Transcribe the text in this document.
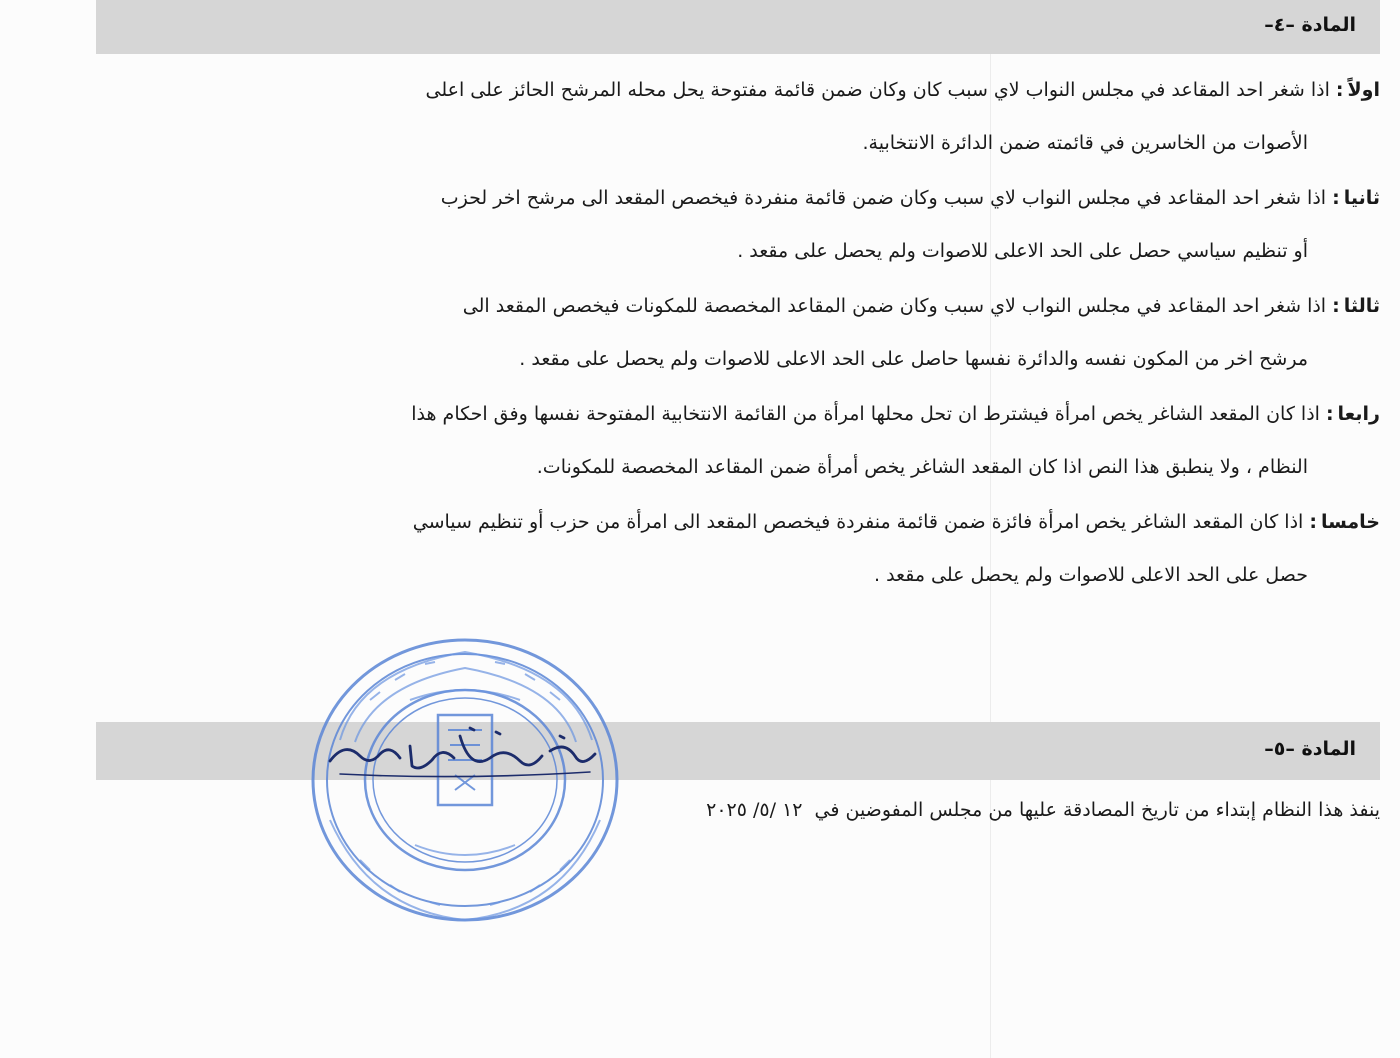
المادة –٤–
اولاً:اذا شغر احد المقاعد في مجلس النواب لاي سبب كان وكان ضمن قائمة مفتوحة يحل محله المرشح الحائز على اعلى
الأصوات من الخاسرين في قائمته ضمن الدائرة الانتخابية.
ثانيا:اذا شغر احد المقاعد في مجلس النواب لاي سبب وكان ضمن قائمة منفردة فيخصص المقعد الى مرشح اخر لحزب
أو تنظيم سياسي حصل على الحد الاعلى للاصوات ولم يحصل على مقعد .
ثالثا:اذا شغر احد المقاعد في مجلس النواب لاي سبب وكان ضمن المقاعد المخصصة للمكونات فيخصص المقعد الى
مرشح اخر من المكون نفسه والدائرة نفسها حاصل على الحد الاعلى للاصوات ولم يحصل على مقعد .
رابعا:اذا كان المقعد الشاغر يخص امرأة فيشترط ان تحل محلها امرأة من القائمة الانتخابية المفتوحة نفسها وفق احكام هذا
النظام ، ولا ينطبق هذا النص اذا كان المقعد الشاغر يخص أمرأة ضمن المقاعد المخصصة للمكونات.
خامسا:اذا كان المقعد الشاغر يخص امرأة فائزة ضمن قائمة منفردة فيخصص المقعد الى امرأة من حزب أو تنظيم سياسي
حصل على الحد الاعلى للاصوات ولم يحصل على مقعد .
المادة –٥–
ينفذ هذا النظام إبتداء من تاريخ المصادقة عليها من مجلس المفوضين في ١٢ /٥/ ٢٠٢٥
